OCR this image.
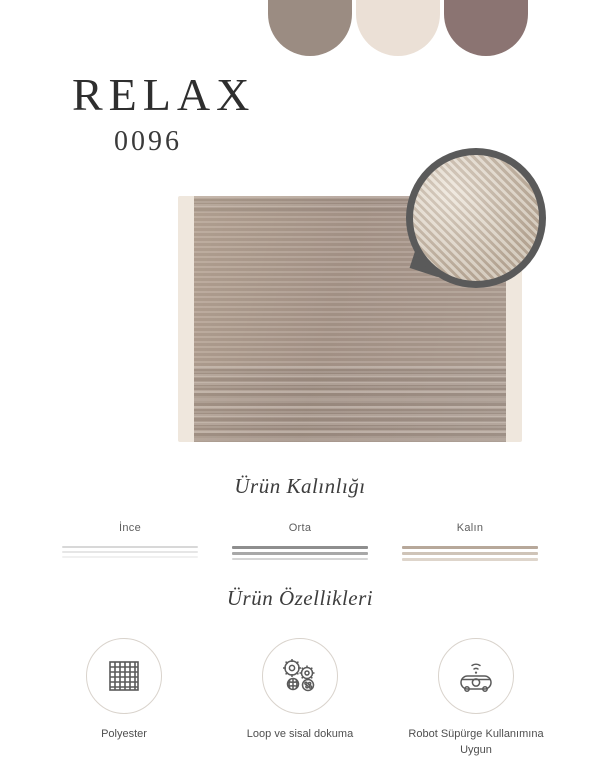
RELAX
0096
Ürün Kalınlığı
İnce	Orta	Kalın
Ürün Özellikleri
Polyester	Loop ve sisal dokuma	Robot Süpürge Kullanımına Uygun
